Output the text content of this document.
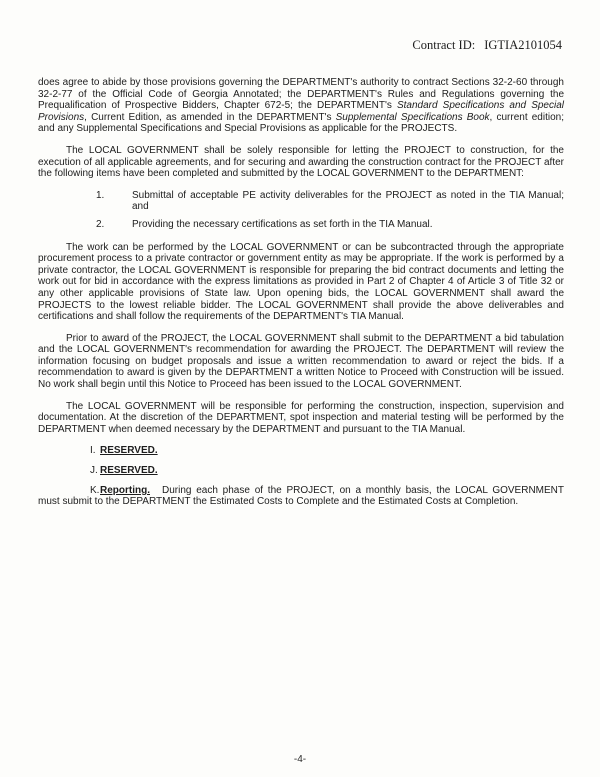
Contract ID: IGTIA2101054

does agree to abide by those provisions governing the DEPARTMENT's authority to contract Sections 32-2-60 through 32-2-77 of the Official Code of Georgia Annotated; the DEPARTMENT's Rules and Regulations governing the Prequalification of Prospective Bidders, Chapter 672-5; the DEPARTMENT's Standard Specifications and Special Provisions, Current Edition, as amended in the DEPARTMENT's Supplemental Specifications Book, current edition; and any Supplemental Specifications and Special Provisions as applicable for the PROJECTS.

The LOCAL GOVERNMENT shall be solely responsible for letting the PROJECT to construction, for the execution of all applicable agreements, and for securing and awarding the construction contract for the PROJECT after the following items have been completed and submitted by the LOCAL GOVERNMENT to the DEPARTMENT:

1.	Submittal of acceptable PE activity deliverables for the PROJECT as noted in the TIA Manual; and
2.	Providing the necessary certifications as set forth in the TIA Manual.

The work can be performed by the LOCAL GOVERNMENT or can be subcontracted through the appropriate procurement process to a private contractor or government entity as may be appropriate. If the work is performed by a private contractor, the LOCAL GOVERNMENT is responsible for preparing the bid contract documents and letting the work out for bid in accordance with the express limitations as provided in Part 2 of Chapter 4 of Article 3 of Title 32 or any other applicable provisions of State law. Upon opening bids, the LOCAL GOVERNMENT shall award the PROJECTS to the lowest reliable bidder. The LOCAL GOVERNMENT shall provide the above deliverables and certifications and shall follow the requirements of the DEPARTMENT's TIA Manual.

Prior to award of the PROJECT, the LOCAL GOVERNMENT shall submit to the DEPARTMENT a bid tabulation and the LOCAL GOVERNMENT's recommendation for awarding the PROJECT. The DEPARTMENT will review the information focusing on budget proposals and issue a written recommendation to award or reject the bids. If a recommendation to award is given by the DEPARTMENT a written Notice to Proceed with Construction will be issued. No work shall begin until this Notice to Proceed has been issued to the LOCAL GOVERNMENT.

The LOCAL GOVERNMENT will be responsible for performing the construction, inspection, supervision and documentation. At the discretion of the DEPARTMENT, spot inspection and material testing will be performed by the DEPARTMENT when deemed necessary by the DEPARTMENT and pursuant to the TIA Manual.

I. RESERVED.

J. RESERVED.

K.Reporting. During each phase of the PROJECT, on a monthly basis, the LOCAL GOVERNMENT must submit to the DEPARTMENT the Estimated Costs to Complete and the Estimated Costs at Completion.

-4-
